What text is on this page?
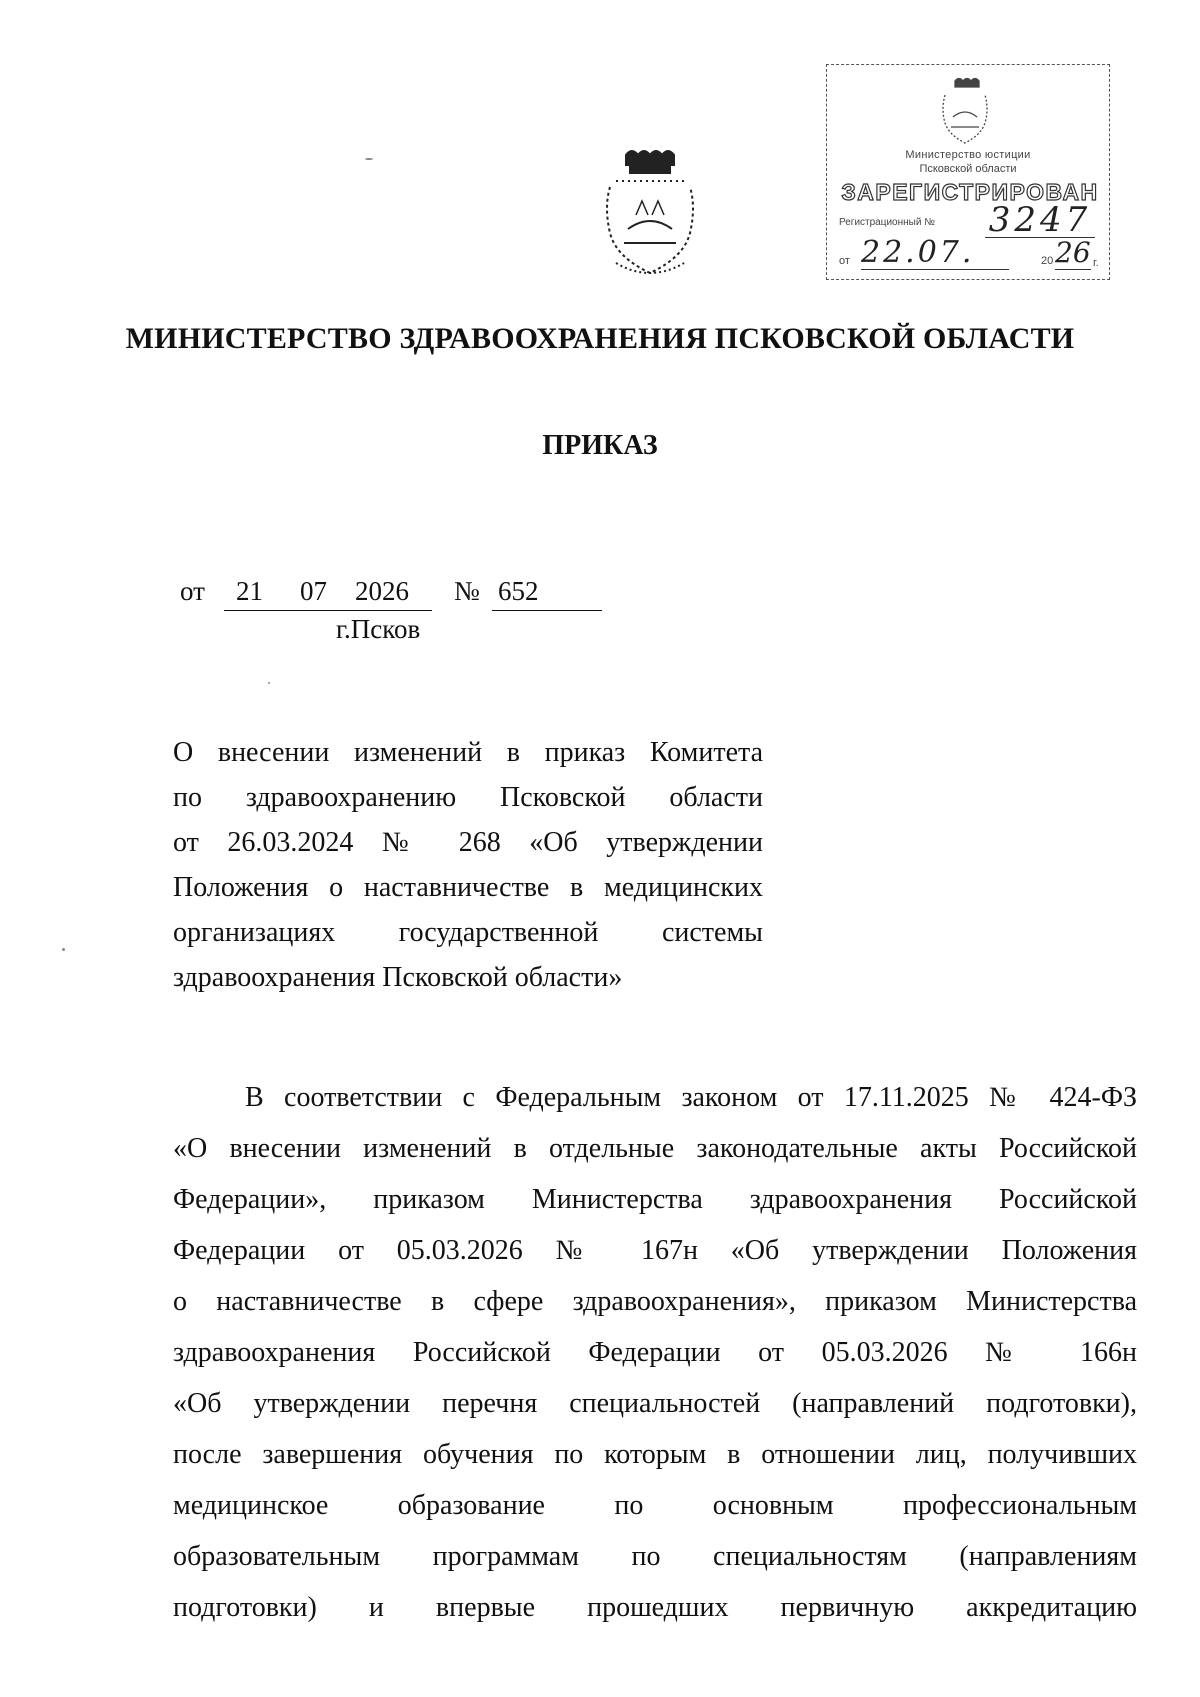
Министерство юстиции
Псковской области
ЗАРЕГИСТРИРОВАН
Регистрационный № 3247
от 22.07.	20 26 г.
МИНИСТЕРСТВО ЗДРАВООХРАНЕНИЯ ПСКОВСКОЙ ОБЛАСТИ
ПРИКАЗ
от 21 07 2026 № 652
г.Псков
О внесении изменений в приказ Комитета
по здравоохранению Псковской области
от 26.03.2024 № 268 «Об утверждении
Положения о наставничестве в медицинских
организациях государственной системы
здравоохранения Псковской области»
В соответствии с Федеральным законом от 17.11.2025 № 424-ФЗ
«О внесении изменений в отдельные законодательные акты Российской
Федерации», приказом Министерства здравоохранения Российской
Федерации от 05.03.2026 № 167н «Об утверждении Положения
о наставничестве в сфере здравоохранения», приказом Министерства
здравоохранения Российской Федерации от 05.03.2026 № 166н
«Об утверждении перечня специальностей (направлений подготовки),
после завершения обучения по которым в отношении лиц, получивших
медицинское образование по основным профессиональным
образовательным программам по специальностям (направлениям
подготовки) и впервые прошедших первичную аккредитацию
